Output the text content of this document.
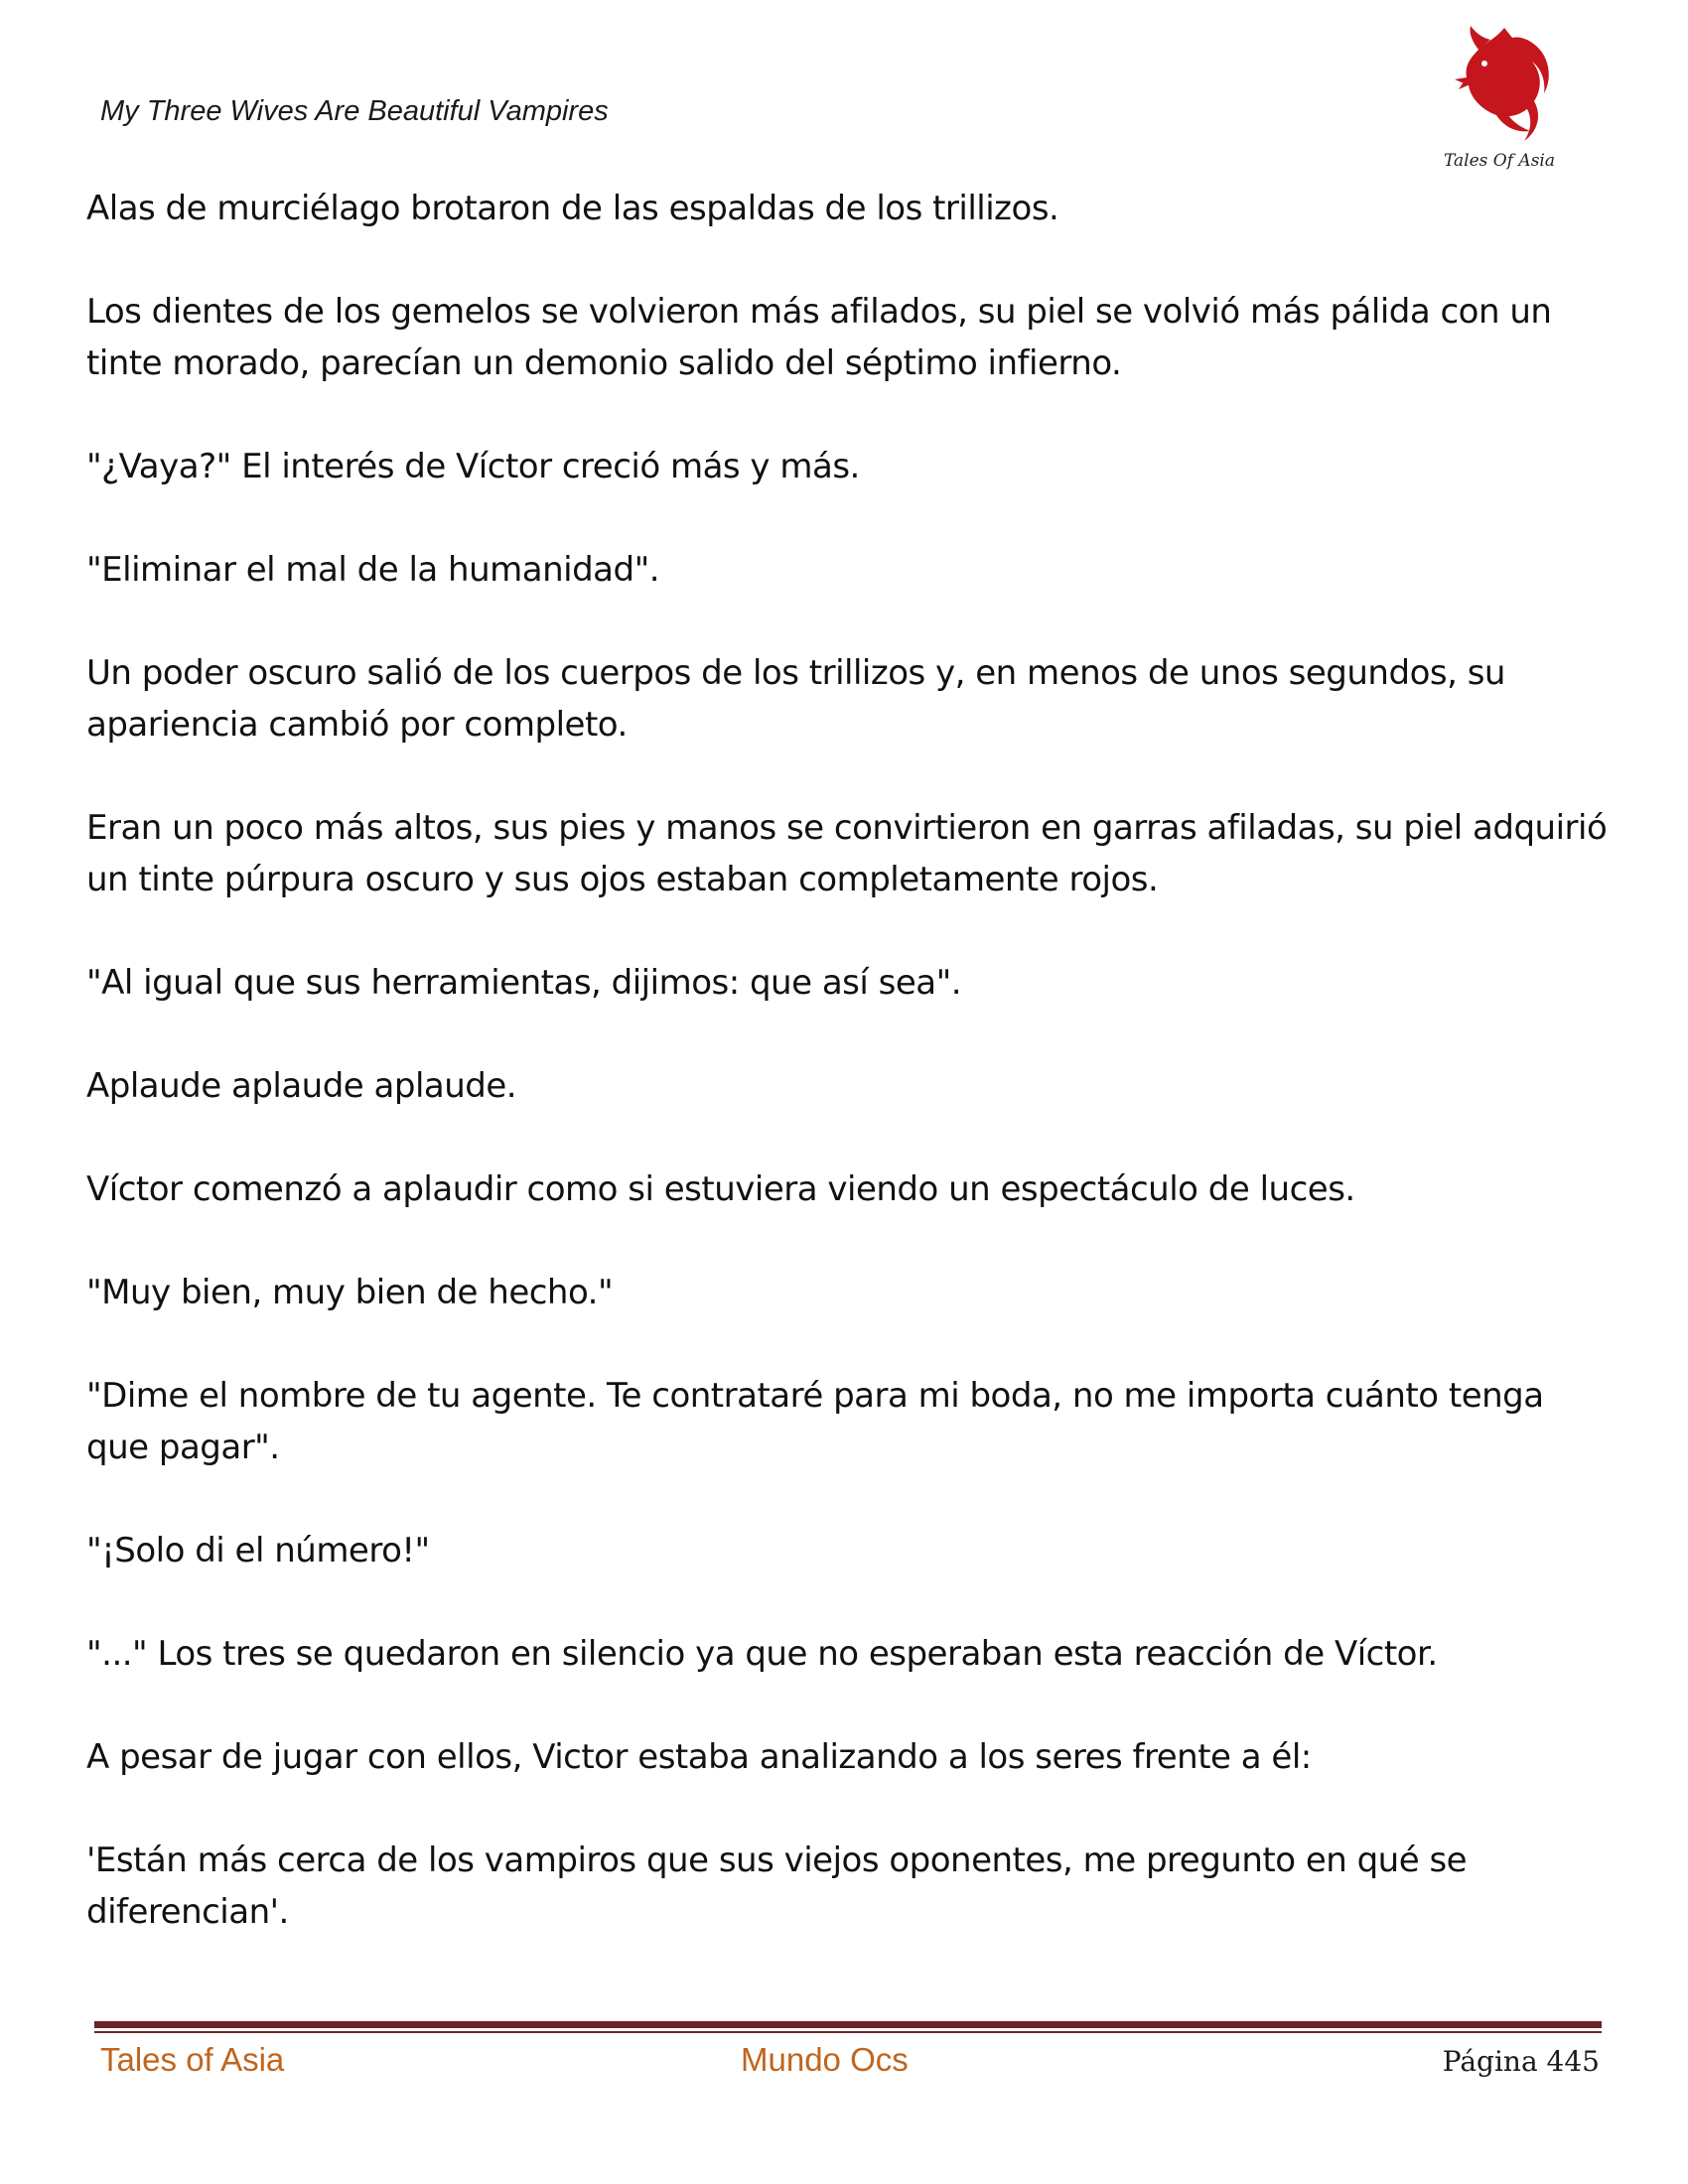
My Three Wives Are Beautiful Vampires
Tales Of Asia

Alas de murciélago brotaron de las espaldas de los trillizos.

Los dientes de los gemelos se volvieron más afilados, su piel se volvió más pálida con un tinte morado, parecían un demonio salido del séptimo infierno.

"¿Vaya?" El interés de Víctor creció más y más.

"Eliminar el mal de la humanidad".

Un poder oscuro salió de los cuerpos de los trillizos y, en menos de unos segundos, su apariencia cambió por completo.

Eran un poco más altos, sus pies y manos se convirtieron en garras afiladas, su piel adquirió un tinte púrpura oscuro y sus ojos estaban completamente rojos.

"Al igual que sus herramientas, dijimos: que así sea".

Aplaude aplaude aplaude.

Víctor comenzó a aplaudir como si estuviera viendo un espectáculo de luces.

"Muy bien, muy bien de hecho."

"Dime el nombre de tu agente. Te contrataré para mi boda, no me importa cuánto tenga que pagar".

"¡Solo di el número!"

"..." Los tres se quedaron en silencio ya que no esperaban esta reacción de Víctor.

A pesar de jugar con ellos, Victor estaba analizando a los seres frente a él:

'Están más cerca de los vampiros que sus viejos oponentes, me pregunto en qué se diferencian'.

Tales of Asia	Mundo Ocs	Página 445
